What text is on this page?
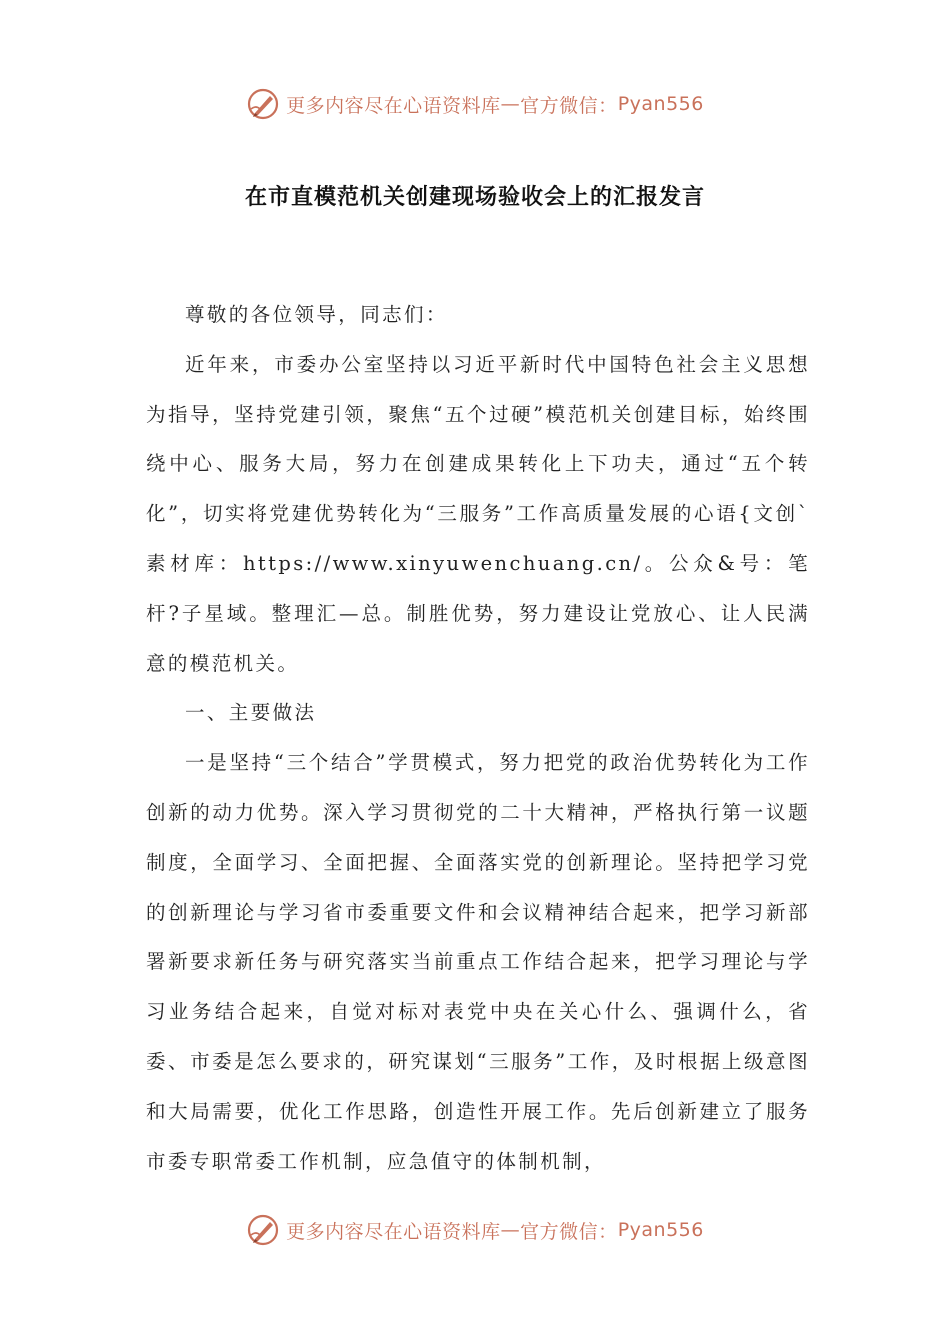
更多内容尽在心语资料库 — 官方微信： Pyan556
在市直模范机关创建现场验收会上的汇报发言

尊敬的各位领导，同志们：

近年来，市委办公室坚持以习近平新时代中国特色社会主义思想为指导，坚持党建引领，聚焦“五个过硬”模范机关创建目标，始终围绕中心、服务大局，努力在创建成果转化上下功夫，通过“五个转化”，切实将党建优势转化为“三服务”工作高质量发展的心语{文创`素材库：https://www.xinyuwenchuang.cn/。公众&号：笔杆?子星域。整理汇—总。制胜优势，努力建设让党放心、让人民满意的模范机关。

一、主要做法

一是坚持“三个结合”学贯模式，努力把党的政治优势转化为工作创新的动力优势。深入学习贯彻党的二十大精神，严格执行第一议题制度，全面学习、全面把握、全面落实党的创新理论。坚持把学习党的创新理论与学习省市委重要文件和会议精神结合起来，把学习新部署新要求新任务与研究落实当前重点工作结合起来，把学习理论与学习业务结合起来，自觉对标对表党中央在关心什么、强调什么，省委、市委是怎么要求的，研究谋划“三服务”工作，及时根据上级意图和大局需要，优化工作思路，创造性开展工作。先后创新建立了服务市委专职常委工作机制，应急值守的体制机制，

更多内容尽在心语资料库 — 官方微信： Pyan556
